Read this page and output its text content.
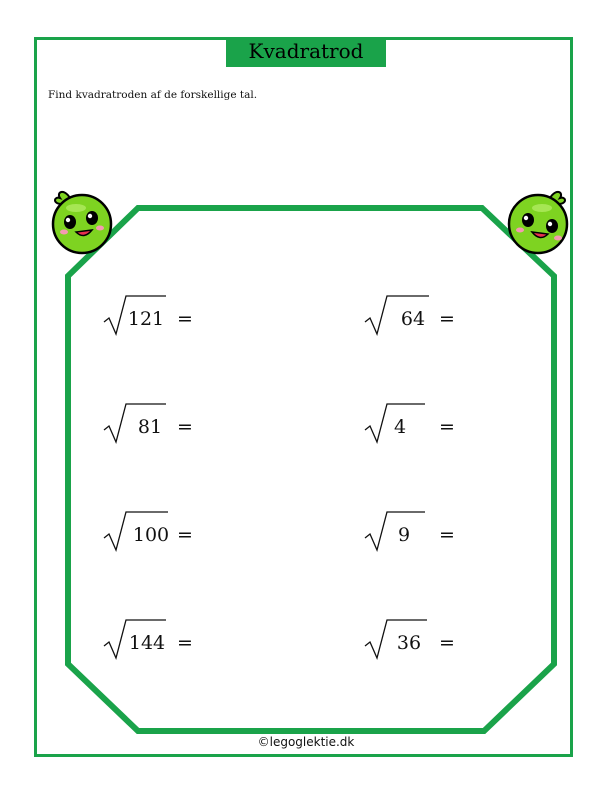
Kvadratrod
Find kvadratroden af de forskellige tal.
121 =	64 =
81 =	4	=
100 =	9	=
144 =	36 =
©legoglektie.dk
